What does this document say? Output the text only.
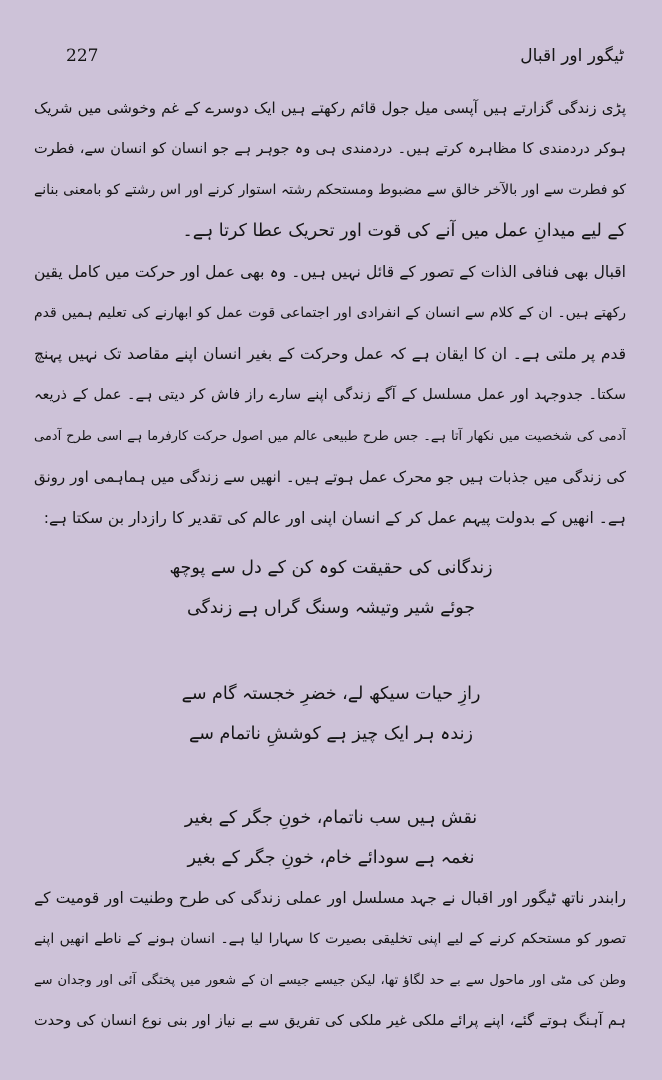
227	ٹیگور اور اقبال
پڑی زندگی گزارتے ہیں آپسی میل جول قائم رکھتے ہیں ایک دوسرے کے غم وخوشی میں شریک
ہوکر دردمندی کا مظاہرہ کرتے ہیں۔ دردمندی ہی وہ جوہر ہے جو انسان کو انسان سے، فطرت
کو فطرت سے اور بالآخر خالق سے مضبوط ومستحکم رشتہ استوار کرنے اور اس رشتے کو بامعنی بنانے
کے لیے میدانِ عمل میں آنے کی قوت اور تحریک عطا کرتا ہے۔
اقبال بھی فنافی الذات کے تصور کے قائل نہیں ہیں۔ وہ بھی عمل اور حرکت میں کامل یقین
رکھتے ہیں۔ ان کے کلام سے انسان کے انفرادی اور اجتماعی قوت عمل کو ابھارنے کی تعلیم ہمیں قدم
قدم پر ملتی ہے۔ ان کا ایقان ہے کہ عمل وحرکت کے بغیر انسان اپنے مقاصد تک نہیں پہنچ
سکتا۔ جدوجہد اور عمل مسلسل کے آگے زندگی اپنے سارے راز فاش کر دیتی ہے۔ عمل کے ذریعہ
آدمی کی شخصیت میں نکھار آتا ہے۔ جس طرح طبیعی عالم میں اصول حرکت کارفرما ہے اسی طرح آدمی
کی زندگی میں جذبات ہیں جو محرک عمل ہوتے ہیں۔ انھیں سے زندگی میں ہماہمی اور رونق
ہے۔ انھیں کے بدولت پیہم عمل کر کے انسان اپنی اور عالم کی تقدیر کا رازدار بن سکتا ہے:
زندگانی کی حقیقت کوہ کن کے دل سے پوچھ
جوئے شیر وتیشہ وسنگ گراں ہے زندگی
رازِ حیات سیکھ لے، خضرِ خجستہ گام سے
زندہ ہر ایک چیز ہے کوششِ ناتمام سے
نقش ہیں سب ناتمام، خونِ جگر کے بغیر
نغمہ ہے سودائے خام، خونِ جگر کے بغیر
رابندر ناتھ ٹیگور اور اقبال نے جہد مسلسل اور عملی زندگی کی طرح وطنیت اور قومیت کے
تصور کو مستحکم کرنے کے لیے اپنی تخلیقی بصیرت کا سہارا لیا ہے۔ انسان ہونے کے ناطے انھیں اپنے
وطن کی مٹی اور ماحول سے بے حد لگاؤ تھا، لیکن جیسے جیسے ان کے شعور میں پختگی آئی اور وجدان سے
ہم آہنگ ہوتے گئے، اپنے پرائے ملکی غیر ملکی کی تفریق سے بے نیاز اور بنی نوع انسان کی وحدت
